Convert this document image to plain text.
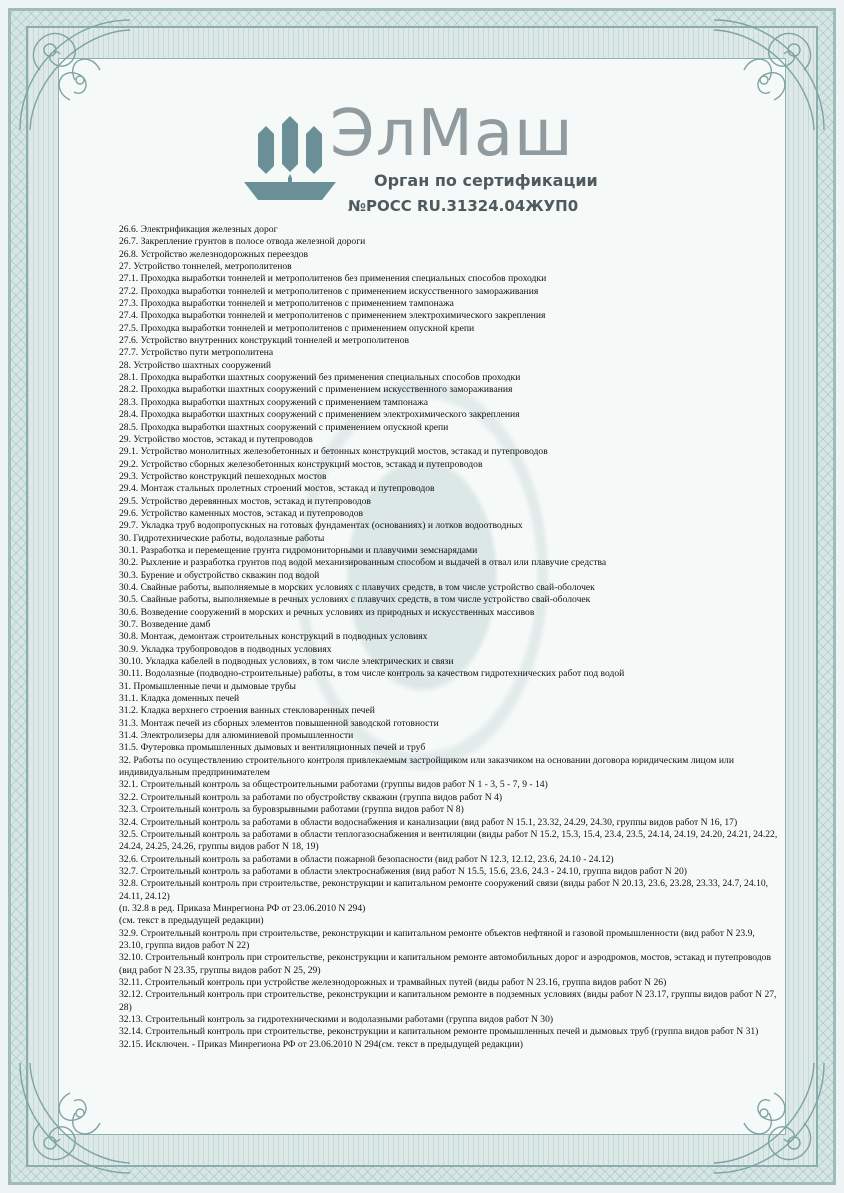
ЭлМаш
Орган по сертификации
№РОСС RU.31324.04ЖУП0
26.6. Электрификация железных дорог
26.7. Закрепление грунтов в полосе отвода железной дороги
26.8. Устройство железнодорожных переездов
27. Устройство тоннелей, метрополитенов
27.1. Проходка выработки тоннелей и метрополитенов без применения специальных способов проходки
27.2. Проходка выработки тоннелей и метрополитенов с применением искусственного замораживания
27.3. Проходка выработки тоннелей и метрополитенов с применением тампонажа
27.4. Проходка выработки тоннелей и метрополитенов с применением электрохимического закрепления
27.5. Проходка выработки тоннелей и метрополитенов с применением опускной крепи
27.6. Устройство внутренних конструкций тоннелей и метрополитенов
27.7. Устройство пути метрополитена
28. Устройство шахтных сооружений
28.1. Проходка выработки шахтных сооружений без применения специальных способов проходки
28.2. Проходка выработки шахтных сооружений с применением искусственного замораживания
28.3. Проходка выработки шахтных сооружений с применением тампонажа
28.4. Проходка выработки шахтных сооружений с применением электрохимического закрепления
28.5. Проходка выработки шахтных сооружений с применением опускной крепи
29. Устройство мостов, эстакад и путепроводов
29.1. Устройство монолитных железобетонных и бетонных конструкций мостов, эстакад и путепроводов
29.2. Устройство сборных железобетонных конструкций мостов, эстакад и путепроводов
29.3. Устройство конструкций пешеходных мостов
29.4. Монтаж стальных пролетных строений мостов, эстакад и путепроводов
29.5. Устройство деревянных мостов, эстакад и путепроводов
29.6. Устройство каменных мостов, эстакад и путепроводов
29.7. Укладка труб водопропускных на готовых фундаментах (основаниях) и лотков водоотводных
30. Гидротехнические работы, водолазные работы
30.1. Разработка и перемещение грунта гидромониторными и плавучими земснарядами
30.2. Рыхление и разработка грунтов под водой механизированным способом и выдачей в отвал или плавучие средства
30.3. Бурение и обустройство скважин под водой
30.4. Свайные работы, выполняемые в морских условиях с плавучих средств, в том числе устройство свай-оболочек
30.5. Свайные работы, выполняемые в речных условиях с плавучих средств, в том числе устройство свай-оболочек
30.6. Возведение сооружений в морских и речных условиях из природных и искусственных массивов
30.7. Возведение дамб
30.8. Монтаж, демонтаж строительных конструкций в подводных условиях
30.9. Укладка трубопроводов в подводных условиях
30.10. Укладка кабелей в подводных условиях, в том числе электрических и связи
30.11. Водолазные (подводно-строительные) работы, в том числе контроль за качеством гидротехнических работ под водой
31. Промышленные печи и дымовые трубы
31.1. Кладка доменных печей
31.2. Кладка верхнего строения ванных стекловаренных печей
31.3. Монтаж печей из сборных элементов повышенной заводской готовности
31.4. Электролизеры для алюминиевой промышленности
31.5. Футеровка промышленных дымовых и вентиляционных печей и труб
32. Работы по осуществлению строительного контроля привлекаемым застройщиком или заказчиком на основании договора юридическим лицом или индивидуальным предпринимателем
32.1. Строительный контроль за общестроительными работами (группы видов работ N 1 - 3, 5 - 7, 9 - 14)
32.2. Строительный контроль за работами по обустройству скважин (группа видов работ N 4)
32.3. Строительный контроль за буровзрывными работами (группа видов работ N 8)
32.4. Строительный контроль за работами в области водоснабжения и канализации (вид работ N 15.1, 23.32, 24.29, 24.30, группы видов работ N 16, 17)
32.5. Строительный контроль за работами в области теплогазоснабжения и вентиляции (виды работ N 15.2, 15.3, 15.4, 23.4, 23.5, 24.14, 24.19, 24.20, 24.21, 24.22, 24.24, 24.25, 24.26, группы видов работ N 18, 19)
32.6. Строительный контроль за работами в области пожарной безопасности (вид работ N 12.3, 12.12, 23.6, 24.10 - 24.12)
32.7. Строительный контроль за работами в области электроснабжения (вид работ N 15.5, 15.6, 23.6, 24.3 - 24.10, группа видов работ N 20)
32.8. Строительный контроль при строительстве, реконструкции и капитальном ремонте сооружений связи (виды работ N 20.13, 23.6, 23.28, 23.33, 24.7, 24.10, 24.11, 24.12)
(п. 32.8 в ред. Приказа Минрегиона РФ от 23.06.2010 N 294)
(см. текст в предыдущей редакции)
32.9. Строительный контроль при строительстве, реконструкции и капитальном ремонте объектов нефтяной и газовой промышленности (вид работ N 23.9, 23.10, группа видов работ N 22)
32.10. Строительный контроль при строительстве, реконструкции и капитальном ремонте автомобильных дорог и аэродромов, мостов, эстакад и путепроводов (вид работ N 23.35, группы видов работ N 25, 29)
32.11. Строительный контроль при устройстве железнодорожных и трамвайных путей (виды работ N 23.16, группа видов работ N 26)
32.12. Строительный контроль при строительстве, реконструкции и капитальном ремонте в подземных условиях (виды работ N 23.17, группы видов работ N 27, 28)
32.13. Строительный контроль за гидротехническими и водолазными работами (группа видов работ N 30)
32.14. Строительный контроль при строительстве, реконструкции и капитальном ремонте промышленных печей и дымовых труб (группа видов работ N 31)
32.15. Исключен. - Приказ Минрегиона РФ от 23.06.2010 N 294(см. текст в предыдущей редакции)
